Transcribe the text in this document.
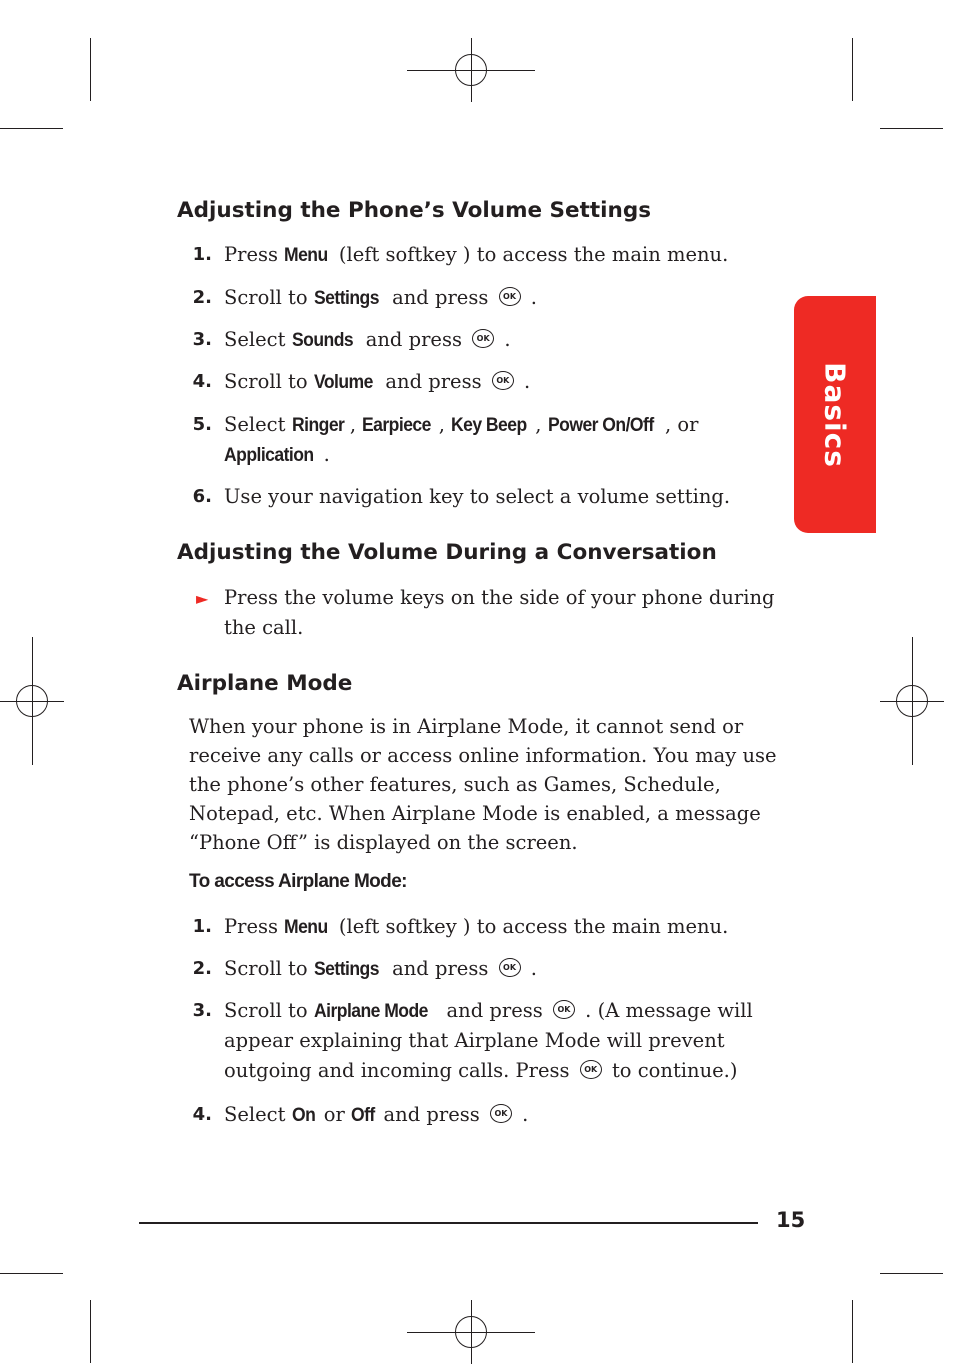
Basics
Adjusting the Phone’s Volume Settings
Adjusting the Volume During a Conversation
Airplane Mode
1. Press Menu (left softkey ) to access the main menu.
2. Scroll to Settings and press OK .
3. Select Sounds and press OK .
4. Scroll to Volume and press OK .
5. Select Ringer , Earpiece , Key Beep , Power On/Off , or Application .
6. Use your navigation key to select a volume setting.
► Press the volume keys on the side of your phone during the call.

When your phone is in Airplane Mode, it cannot send or receive any calls or access online information. You may use the phone’s other features, such as Games, Schedule, Notepad, etc. When Airplane Mode is enabled, a message “Phone Off” is displayed on the screen.

To access Airplane Mode:

1. Press Menu (left softkey ) to access the main menu.
2. Scroll to Settings and press OK .
3. Scroll to Airplane Mode and press OK . (A message will appear explaining that Airplane Mode will prevent outgoing and incoming calls. Press OK to continue.)
4. Select On or Off and press OK .
15
